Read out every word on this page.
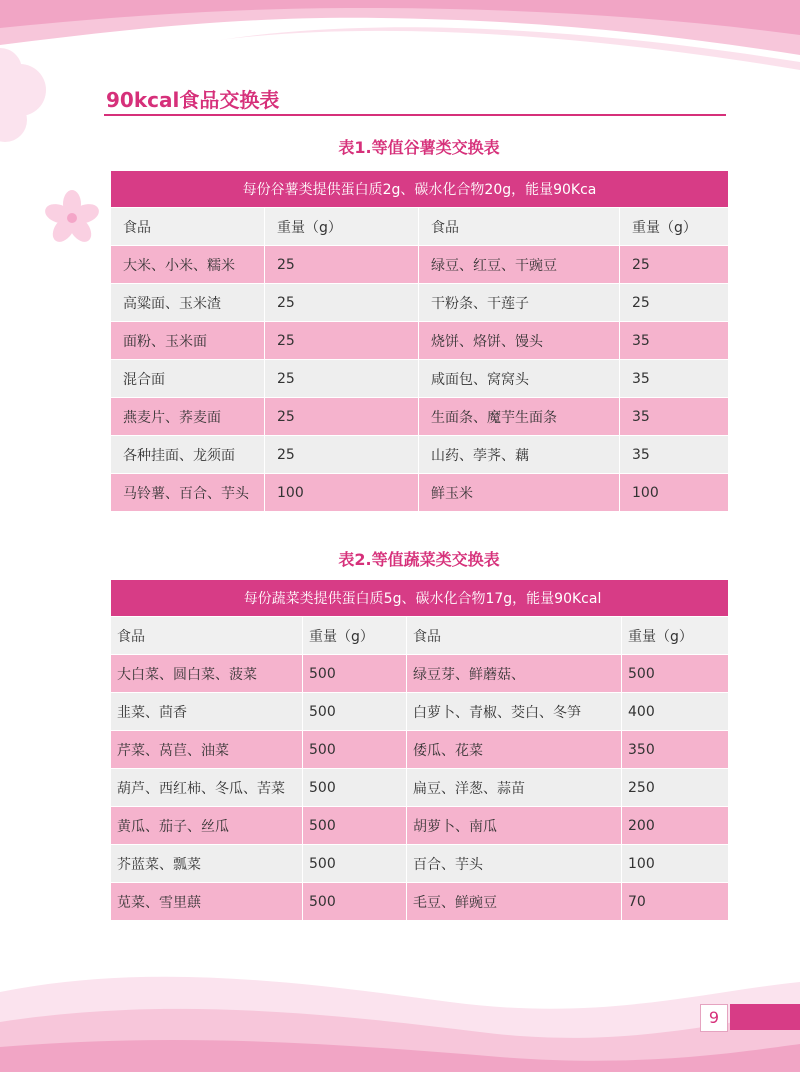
90kcal食品交换表
表1.等值谷薯类交换表
每份谷薯类提供蛋白质2g、碳水化合物20g，能量90Kca			
食品	重量（g）	食品	重量（g）
大米、小米、糯米	25	绿豆、红豆、干豌豆	25
高粱面、玉米渣	25	干粉条、干莲子	25
面粉、玉米面	25	烧饼、烙饼、馒头	35
混合面	25	咸面包、窝窝头	35
燕麦片、荞麦面	25	生面条、魔芋生面条	35
各种挂面、龙须面	25	山药、荸荠、藕	35
马铃薯、百合、芋头	100	鲜玉米	100
表2.等值蔬菜类交换表
每份蔬菜类提供蛋白质5g、碳水化合物17g，能量90Kcal			
食品	重量（g）	食品	重量（g）
大白菜、圆白菜、菠菜	500	绿豆芽、鲜蘑菇、	500
韭菜、茴香	500	白萝卜、青椒、茭白、冬笋	400
芹菜、莴苣、油菜	500	倭瓜、花菜	350
葫芦、西红柿、冬瓜、苦菜	500	扁豆、洋葱、蒜苗	250
黄瓜、茄子、丝瓜	500	胡萝卜、南瓜	200
芥蓝菜、瓢菜	500	百合、芋头	100
苋菜、雪里蕻	500	毛豆、鲜豌豆	70
9
